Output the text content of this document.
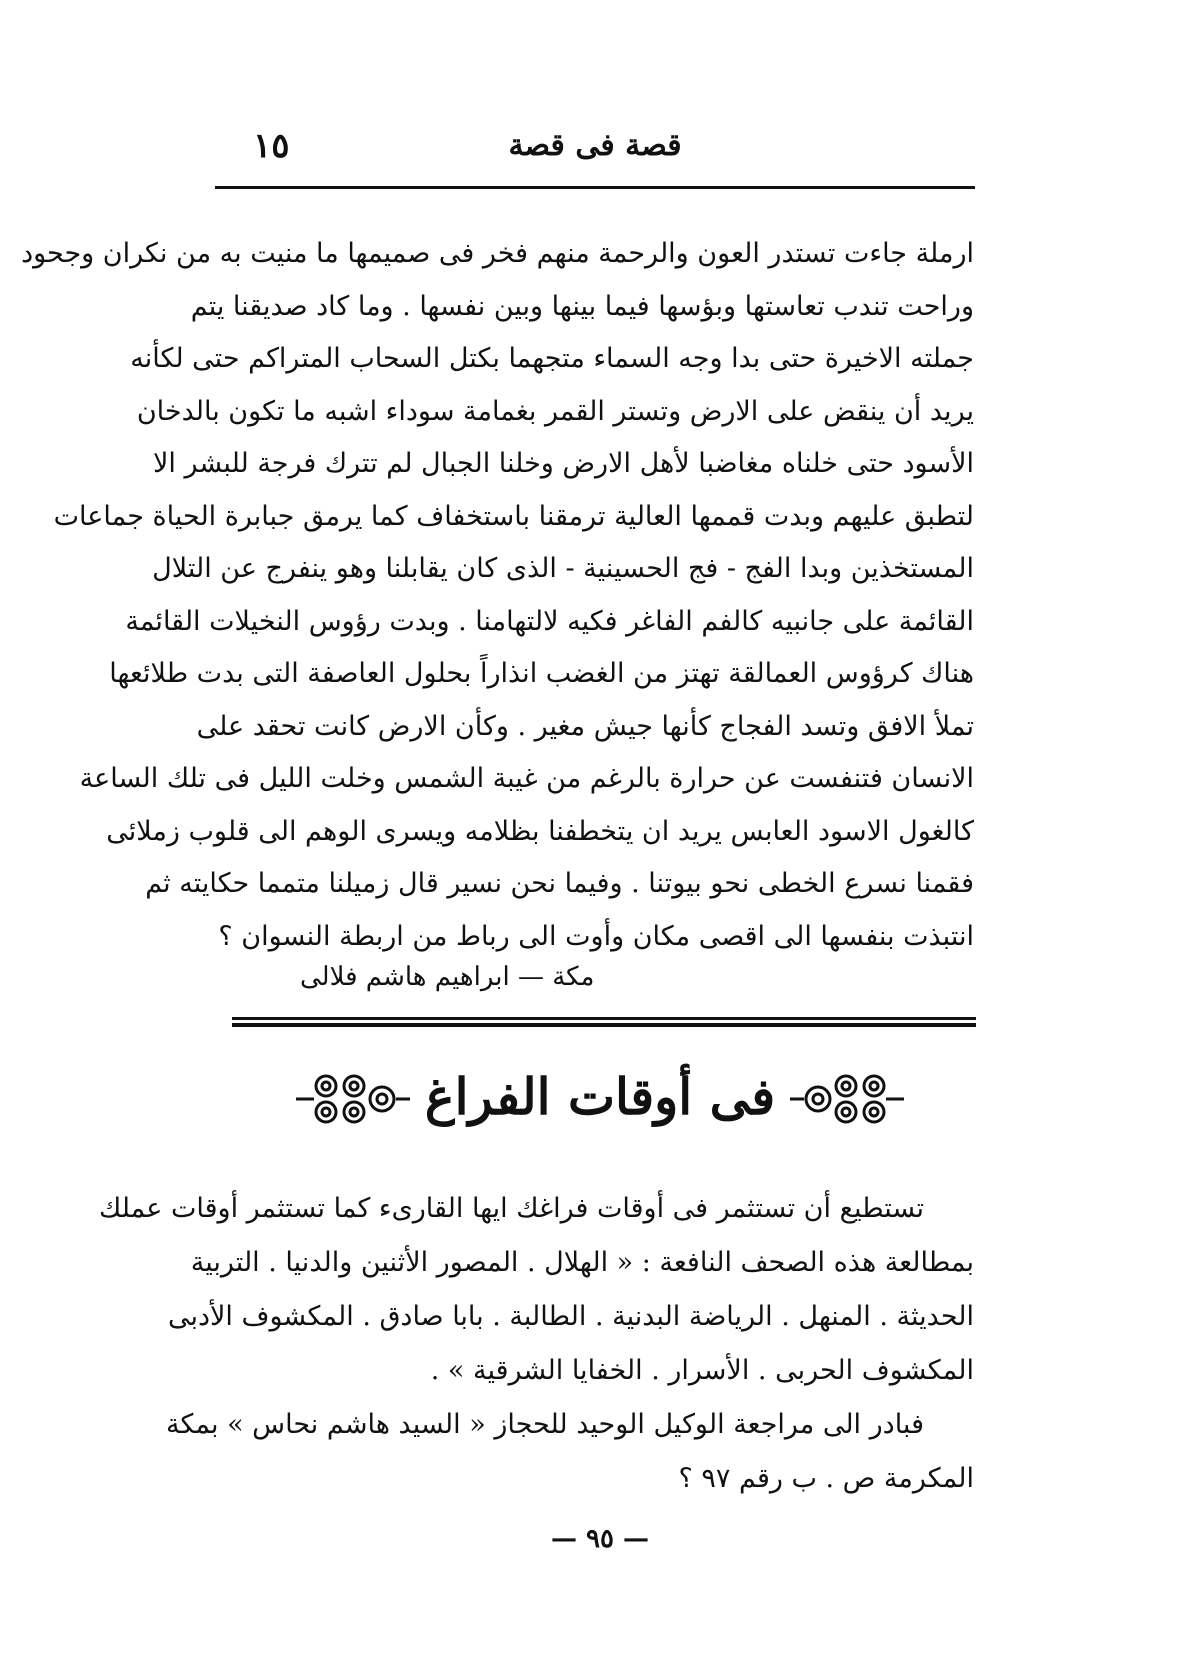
١٥	قصة فى قصة
ارملة جاءت تستدر العون والرحمة منهم فخر فى صميمها ما منيت به من نكران وجحود
وراحت تندب تعاستها وبؤسها فيما بينها وبين نفسها . وما كاد صديقنا يتم
جملته الاخيرة حتى بدا وجه السماء متجهما بكتل السحاب المتراكم حتى لكأنه
يريد أن ينقض على الارض وتستر القمر بغمامة سوداء اشبه ما تكون بالدخان
الأسود حتى خلناه مغاضبا لأهل الارض وخلنا الجبال لم تترك فرجة للبشر الا
لتطبق عليهم وبدت قممها العالية ترمقنا باستخفاف كما يرمق جبابرة الحياة جماعات
المستخذين وبدا الفج - فج الحسينية - الذى كان يقابلنا وهو ينفرج عن التلال
القائمة على جانبيه كالفم الفاغر فكيه لالتهامنا . وبدت رؤوس النخيلات القائمة
هناك كرؤوس العمالقة تهتز من الغضب انذاراً بحلول العاصفة التى بدت طلائعها
تملأ الافق وتسد الفجاج كأنها جيش مغير . وكأن الارض كانت تحقد على
الانسان فتنفست عن حرارة بالرغم من غيبة الشمس وخلت الليل فى تلك الساعة
كالغول الاسود العابس يريد ان يتخطفنا بظلامه ويسرى الوهم الى قلوب زملائى
فقمنا نسرع الخطى نحو بيوتنا . وفيما نحن نسير قال زميلنا متمما حكايته ثم
انتبذت بنفسها الى اقصى مكان وأوت الى رباط من اربطة النسوان ؟
مكة — ابراهيم هاشم فلالى
فى أوقات الفراغ
تستطيع أن تستثمر فى أوقات فراغك ايها القارىء كما تستثمر أوقات عملك
بمطالعة هذه الصحف النافعة : « الهلال . المصور الأثنين والدنيا . التربية
الحديثة . المنهل . الرياضة البدنية . الطالبة . بابا صادق . المكشوف الأدبى
المكشوف الحربى . الأسرار . الخفايا الشرقية » .
فبادر الى مراجعة الوكيل الوحيد للحجاز « السيد هاشم نحاس » بمكة
المكرمة ص . ب رقم ٩٧ ؟
— ٩٥ —
